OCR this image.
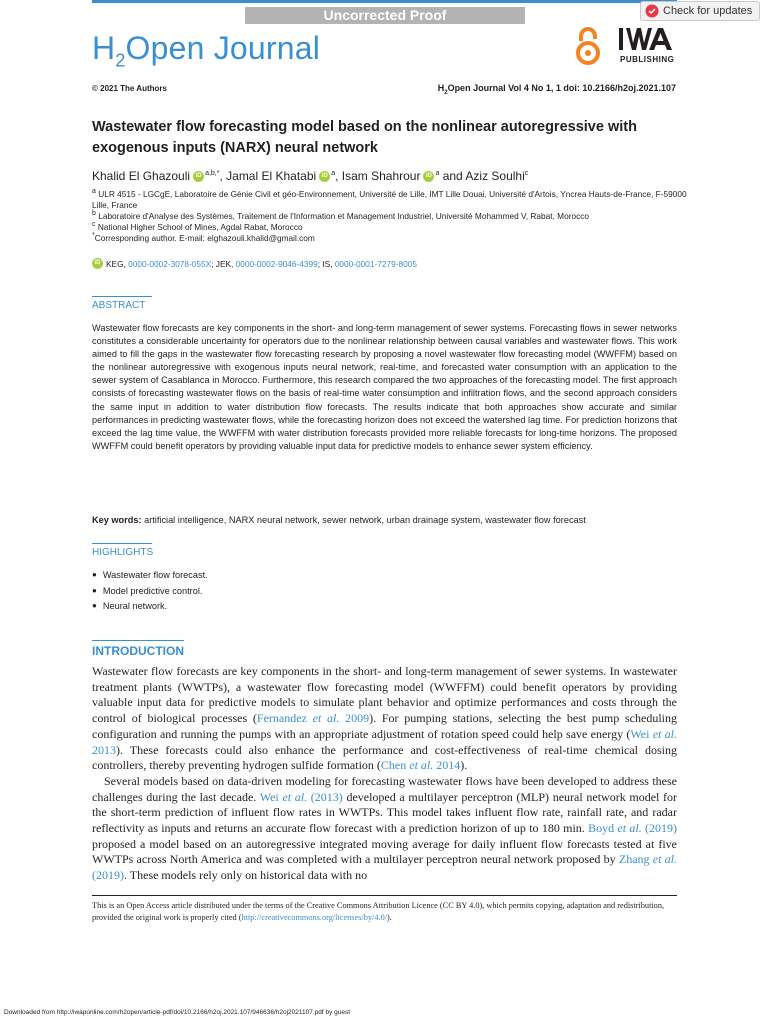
Uncorrected Proof	Check for updates
$H_2Open$ Journal	PUBLISHING
© 2021 The Authors	$H_2Open$ Journal Vol 4 No 1, 1 doi: 10.2166/h2oj.2021.107
Wastewater flow forecasting model based on the nonlinear autoregressive with exogenous inputs (NARX) neural network
Khalid El Ghazouli iD $^{a,b,*}$, Jamal El Khatabi iD $^a$, Isam Shahrour iD $^a$ and Aziz Soulhi$^c$
$^a$ ULR 4515 - LGCgE, Laboratoire de Génie Civil et géo-Environnement, Université de Lille, IMT Lille Douai, Université d'Artois, Yncrea Hauts-de-France, F-59000 Lille, France
$^b$ Laboratoire d'Analyse des Systèmes, Traitement de l'Information et Management Industriel, Université Mohammed V, Rabat, Morocco
$^c$ National Higher School of Mines, Agdal Rabat, Morocco
*Corresponding author. E-mail: elghazouli.khalid@gmail.com
iD KEG, 0000-0002-3078-055X; JEK, 0000-0002-9046-4399; IS, 0000-0001-7279-8005
ABSTRACT
Wastewater flow forecasts are key components in the short- and long-term management of sewer systems. Forecasting flows in sewer networks constitutes a considerable uncertainty for operators due to the nonlinear relationship between causal variables and wastewater flows. This work aimed to fill the gaps in the wastewater flow forecasting research by proposing a novel wastewater flow forecasting model (WWFFM) based on the nonlinear autoregressive with exogenous inputs neural network, real-time, and forecasted water consumption with an application to the sewer system of Casablanca in Morocco. Furthermore, this research compared the two approaches of the forecasting model. The first approach consists of forecasting wastewater flows on the basis of real-time water consumption and infiltration flows, and the second approach considers the same input in addition to water distribution flow forecasts. The results indicate that both approaches show accurate and similar performances in predicting wastewater flows, while the forecasting horizon does not exceed the watershed lag time. For prediction horizons that exceed the lag time value, the WWFFM with water distribution forecasts provided more reliable forecasts for long-time horizons. The proposed WWFFM could benefit operators by providing valuable input data for predictive models to enhance sewer system efficiency.
Key words: artificial intelligence, NARX neural network, sewer network, urban drainage system, wastewater flow forecast
HIGHLIGHTS
● Wastewater flow forecast.
● Model predictive control.
● Neural network.
INTRODUCTION

Wastewater flow forecasts are key components in the short- and long-term management of sewer systems. In wastewater treatment plants (WWTPs), a wastewater flow forecasting model (WWFFM) could benefit operators by providing valuable input data for predictive models to simulate plant behavior and optimize performances and costs through the control of biological processes (Fernandez et al. 2009). For pumping stations, selecting the best pump scheduling configuration and running the pumps with an appropriate adjustment of rotation speed could help save energy (Wei et al. 2013). These forecasts could also enhance the performance and cost-effectiveness of real-time chemical dosing controllers, thereby preventing hydrogen sulfide formation (Chen et al. 2014).

Several models based on data-driven modeling for forecasting wastewater flows have been developed to address these challenges during the last decade. Wei et al. (2013) developed a multilayer perceptron (MLP) neural network model for the short-term prediction of influent flow rates in WWTPs. This model takes influent flow rate, rainfall rate, and radar reflectivity as inputs and returns an accurate flow forecast with a prediction horizon of up to 180 min. Boyd et al. (2019) proposed a model based on an autoregressive integrated moving average for daily influent flow forecasts tested at five WWTPs across North America and was completed with a multilayer perceptron neural network proposed by Zhang et al. (2019). These models rely only on historical data with no

This is an Open Access article distributed under the terms of the Creative Commons Attribution Licence (CC BY 4.0), which permits copying, adaptation and redistribution, provided the original work is properly cited (http://creativecommons.org/licenses/by/4.0/).
Downloaded from http://iwaponline.com/h2open/article-pdf/doi/10.2166/h2oj.2021.107/946636/h2oj2021107.pdf by guest
